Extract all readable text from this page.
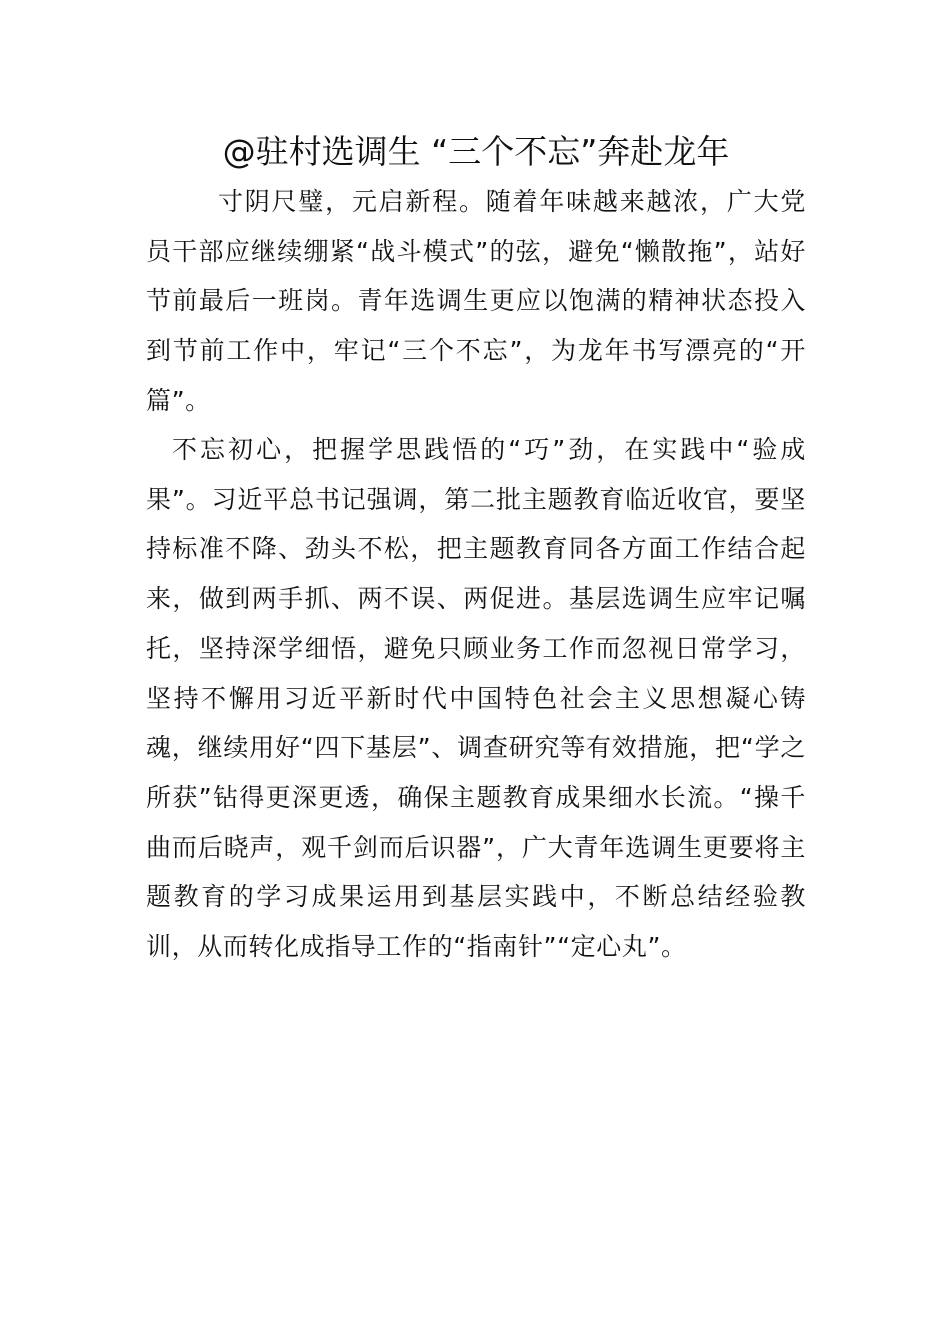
@驻村选调生 “三个不忘”奔赴龙年

寸阴尺璧，元启新程。随着年味越来越浓，广大党员干部应继续绷紧“战斗模式”的弦，避免“懒散拖”，站好节前最后一班岗。青年选调生更应以饱满的精神状态投入到节前工作中，牢记“三个不忘”，为龙年书写漂亮的“开篇”。

不忘初心，把握学思践悟的“巧”劲，在实践中“验成果”。习近平总书记强调，第二批主题教育临近收官，要坚持标准不降、劲头不松，把主题教育同各方面工作结合起来，做到两手抓、两不误、两促进。基层选调生应牢记嘱托，坚持深学细悟，避免只顾业务工作而忽视日常学习，坚持不懈用习近平新时代中国特色社会主义思想凝心铸魂，继续用好“四下基层”、调查研究等有效措施，把“学之所获”钻得更深更透，确保主题教育成果细水长流。“操千曲而后晓声，观千剑而后识器”，广大青年选调生更要将主题教育的学习成果运用到基层实践中，不断总结经验教训，从而转化成指导工作的“指南针”“定心丸”。
